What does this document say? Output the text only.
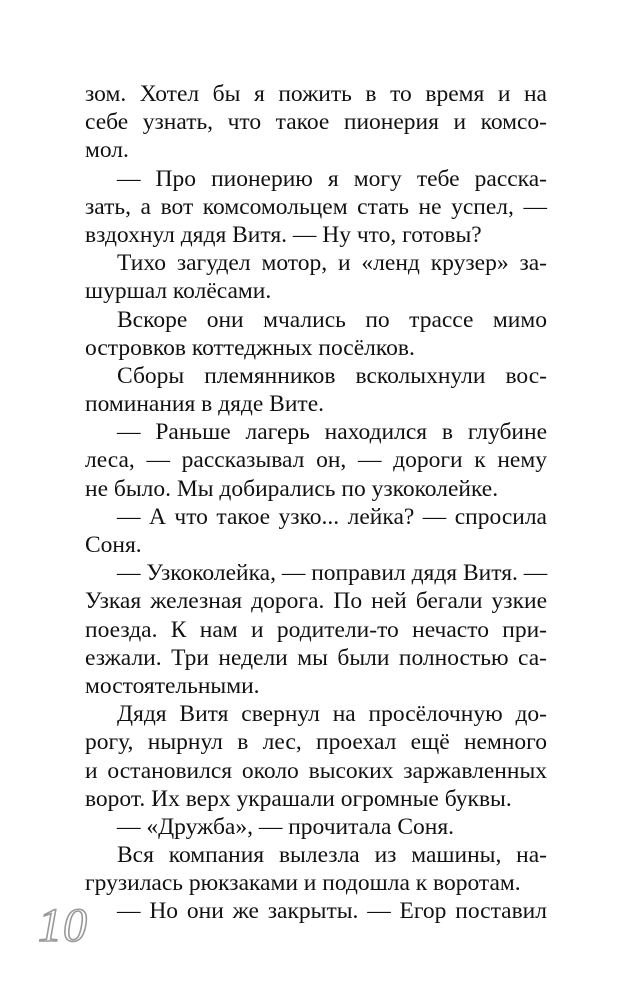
зом. Хотел бы я пожить в то время и на
себе узнать, что такое пионерия и комсо-
мол.
— Про пионерию я могу тебе расска-
зать, а вот комсомольцем стать не успел, —
вздохнул дядя Витя. — Ну что, готовы?
Тихо загудел мотор, и «ленд крузер» за-
шуршал колёсами.
Вскоре они мчались по трассе мимо
островков коттеджных посёлков.
Сборы племянников всколыхнули вос-
поминания в дяде Вите.
— Раньше лагерь находился в глубине
леса, — рассказывал он, — дороги к нему
не было. Мы добирались по узкоколейке.
— А что такое узко... лейка? — спросила
Соня.
— Узкоколейка, — поправил дядя Витя. —
Узкая железная дорога. По ней бегали узкие
поезда. К нам и родители-то нечасто при-
езжали. Три недели мы были полностью са-
мостоятельными.
Дядя Витя свернул на просёлочную до-
рогу, нырнул в лес, проехал ещё немного
и остановился около высоких заржавленных
ворот. Их верх украшали огромные буквы.
— «Дружба», — прочитала Соня.
Вся компания вылезла из машины, на-
грузилась рюкзаками и подошла к воротам.
— Но они же закрыты. — Егор поставил
10
